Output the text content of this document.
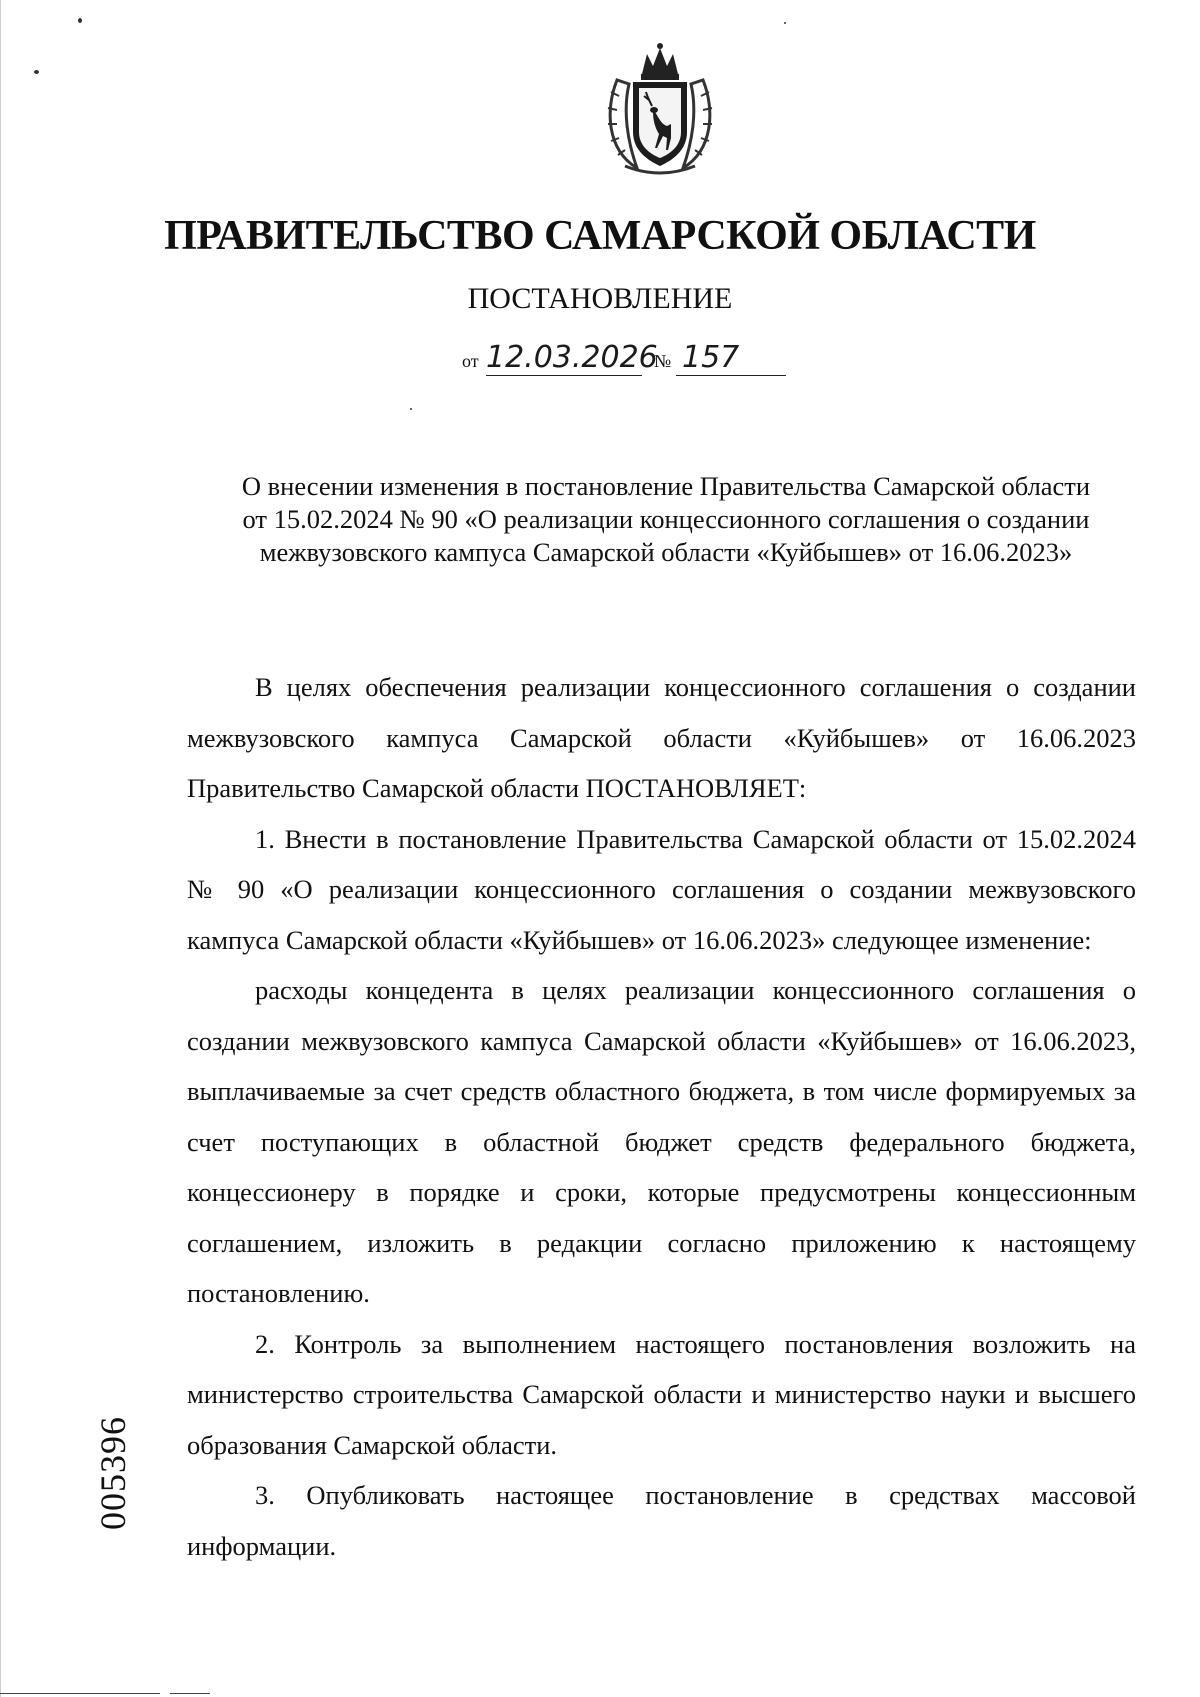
ПРАВИТЕЛЬСТВО САМАРСКОЙ ОБЛАСТИ
ПОСТАНОВЛЕНИЕ
от 12.03.2026
№ 157
О внесении изменения в постановление Правительства Самарской области
от 15.02.2024 № 90 «О реализации концессионного соглашения о создании
межвузовского кампуса Самарской области «Куйбышев» от 16.06.2023»

В целях обеспечения реализации концессионного соглашения о создании межвузовского кампуса Самарской области «Куйбышев» от 16.06.2023 Правительство Самарской области ПОСТАНОВЛЯЕТ:

1. Внести в постановление Правительства Самарской области от 15.02.2024 № 90 «О реализации концессионного соглашения о создании межвузовского кампуса Самарской области «Куйбышев» от 16.06.2023» следующее изменение:

расходы концедента в целях реализации концессионного соглашения о создании межвузовского кампуса Самарской области «Куйбышев» от 16.06.2023, выплачиваемые за счет средств областного бюджета, в том числе формируемых за счет поступающих в областной бюджет средств федерального бюджета, концессионеру в порядке и сроки, которые предусмотрены концессионным соглашением, изложить в редакции согласно приложению к настоящему постановлению.

2. Контроль за выполнением настоящего постановления возложить на министерство строительства Самарской области и министерство науки и высшего образования Самарской области.

3. Опубликовать настоящее постановление в средствах массовой информации.

005396
